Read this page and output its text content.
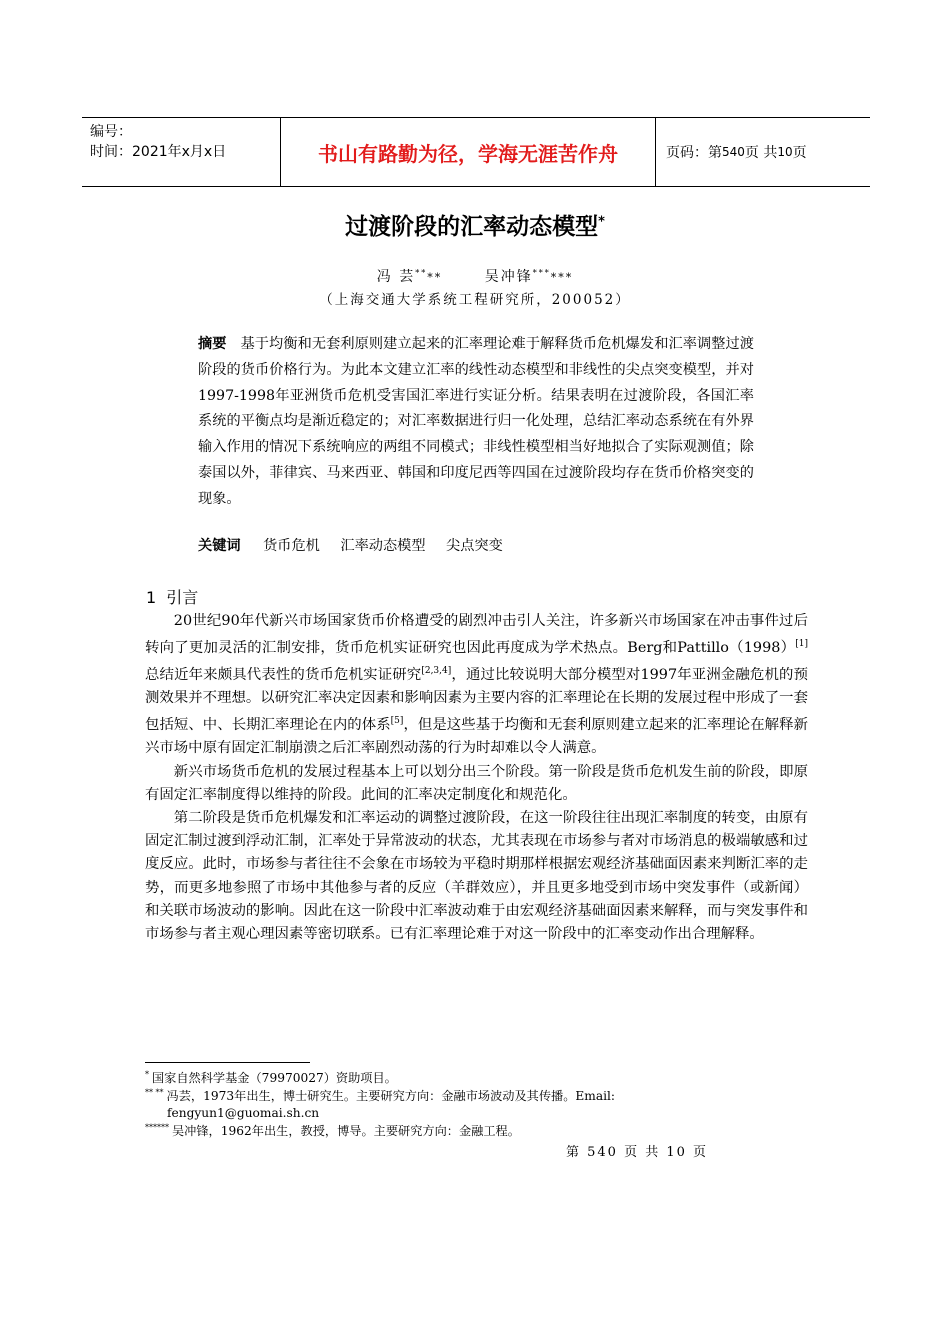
编号：
时间：2021年x月x日	书山有路勤为径，学海无涯苦作舟	页码：第 540 页 共 10 页
过渡阶段的汇率动态模型*
冯 芸****	吴冲锋******
（上海交通大学系统工程研究所，200052）
摘要 基于均衡和无套利原则建立起来的汇率理论难于解释货币危机爆发和汇率调整过渡阶段的货币价格行为。为此本文建立汇率的线性动态模型和非线性的尖点突变模型，并对1997-1998年亚洲货币危机受害国汇率进行实证分析。结果表明在过渡阶段，各国汇率系统的平衡点均是渐近稳定的；对汇率数据进行归一化处理，总结汇率动态系统在有外界输入作用的情况下系统响应的两组不同模式；非线性模型相当好地拟合了实际观测值；除泰国以外，菲律宾、马来西亚、韩国和印度尼西等四国在过渡阶段均存在货币价格突变的现象。
关键词 货币危机 汇率动态模型 尖点突变
1 引言

20世纪90年代新兴市场国家货币价格遭受的剧烈冲击引人关注，许多新兴市场国家在冲击事件过后转向了更加灵活的汇制安排，货币危机实证研究也因此再度成为学术热点。Berg和Pattillo（1998）[1]总结近年来颇具代表性的货币危机实证研究[2,3,4]，通过比较说明大部分模型对1997年亚洲金融危机的预测效果并不理想。以研究汇率决定因素和影响因素为主要内容的汇率理论在长期的发展过程中形成了一套包括短、中、长期汇率理论在内的体系[5]，但是这些基于均衡和无套利原则建立起来的汇率理论在解释新兴市场中原有固定汇制崩溃之后汇率剧烈动荡的行为时却难以令人满意。

新兴市场货币危机的发展过程基本上可以划分出三个阶段。第一阶段是货币危机发生前的阶段，即原有固定汇率制度得以维持的阶段。此间的汇率决定制度化和规范化。

第二阶段是货币危机爆发和汇率运动的调整过渡阶段，在这一阶段往往出现汇率制度的转变，由原有固定汇制过渡到浮动汇制，汇率处于异常波动的状态，尤其表现在市场参与者对市场消息的极端敏感和过度反应。此时，市场参与者往往不会象在市场较为平稳时期那样根据宏观经济基础面因素来判断汇率的走势，而更多地参照了市场中其他参与者的反应（羊群效应），并且更多地受到市场中突发事件（或新闻）和关联市场波动的影响。因此在这一阶段中汇率波动难于由宏观经济基础面因素来解释，而与突发事件和市场参与者主观心理因素等密切联系。已有汇率理论难于对这一阶段中的汇率变动作出合理解释。

* 国家自然科学基金（79970027）资助项目。
** ** 冯芸，1973年出生，博士研究生。主要研究方向：金融市场波动及其传播。Email:
fengyun1@guomai.sh.cn
****** 吴冲锋，1962年出生，教授，博导。主要研究方向：金融工程。
第 540 页 共 10 页
